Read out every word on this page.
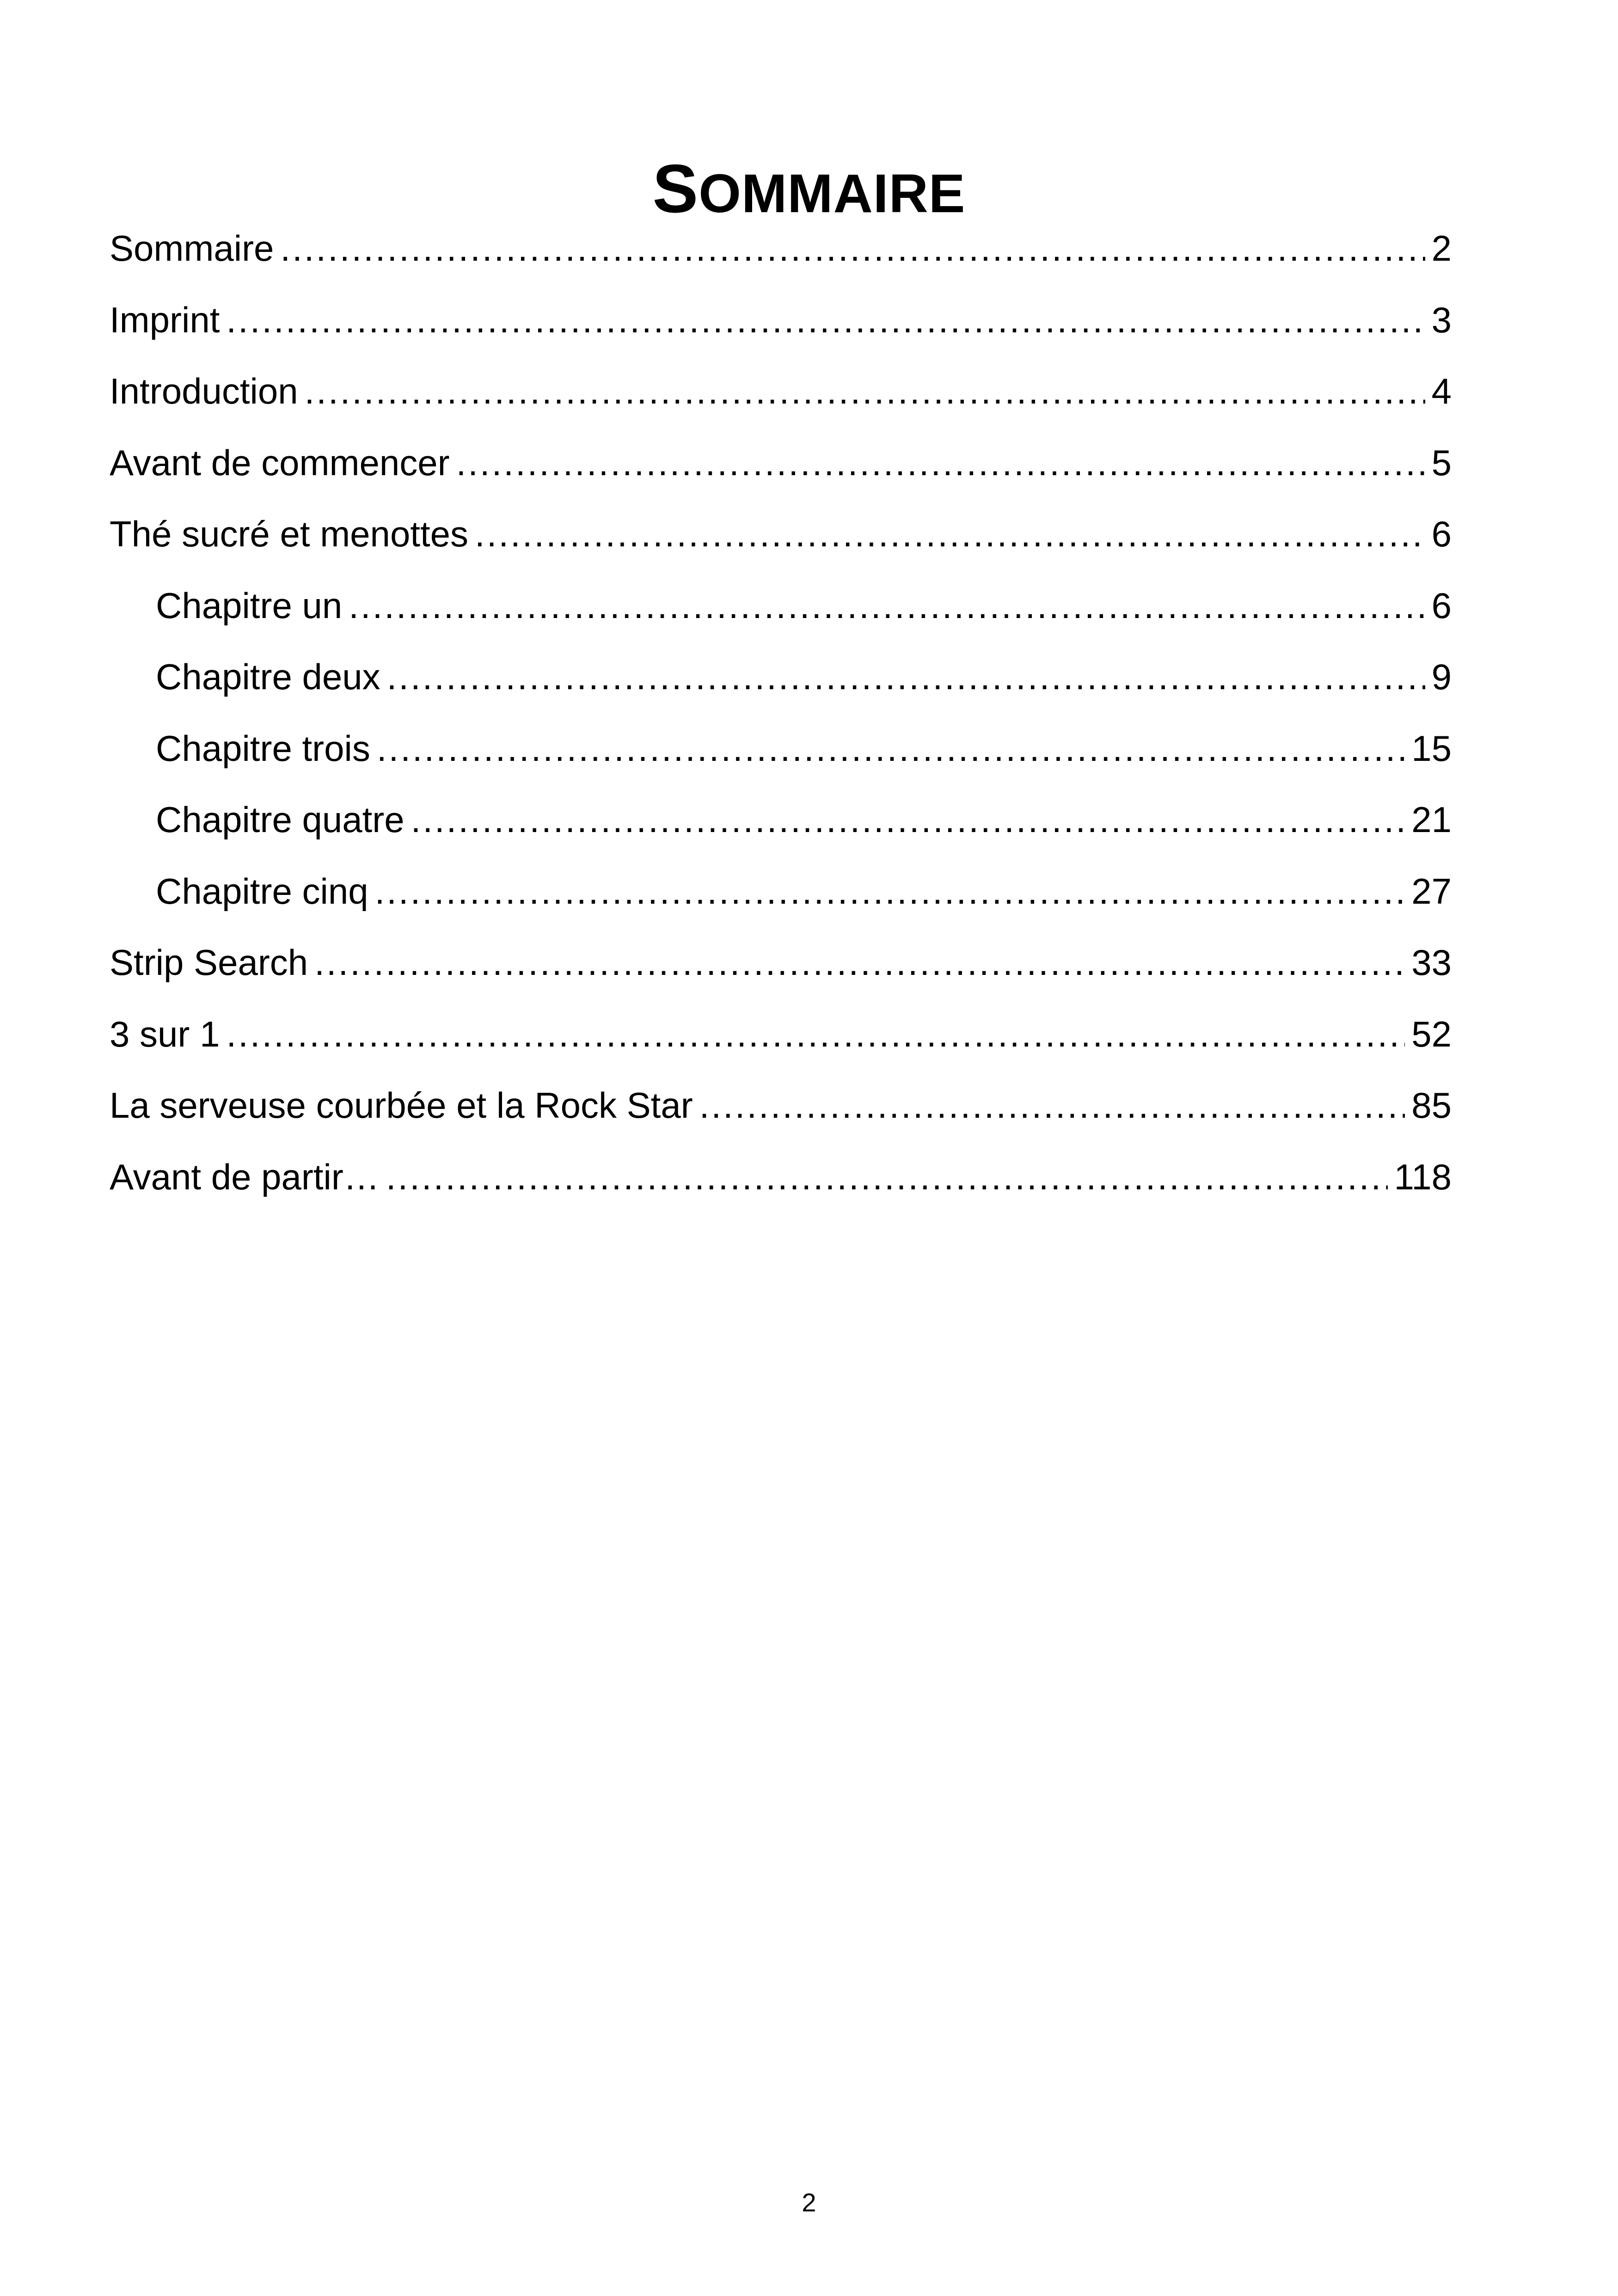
SOMMAIRE
Sommaire .....	2
Imprint .....	3
Introduction .....	4
Avant de commencer .....	5
Thé sucré et menottes .....	6
Chapitre un .....	6
Chapitre deux .....	9
Chapitre trois .....	15
Chapitre quatre .....	21
Chapitre cinq .....	27
Strip Search .....	33
3 sur 1 .....	52
La serveuse courbée et la Rock Star .....	85
Avant de partir… .....	118
2
